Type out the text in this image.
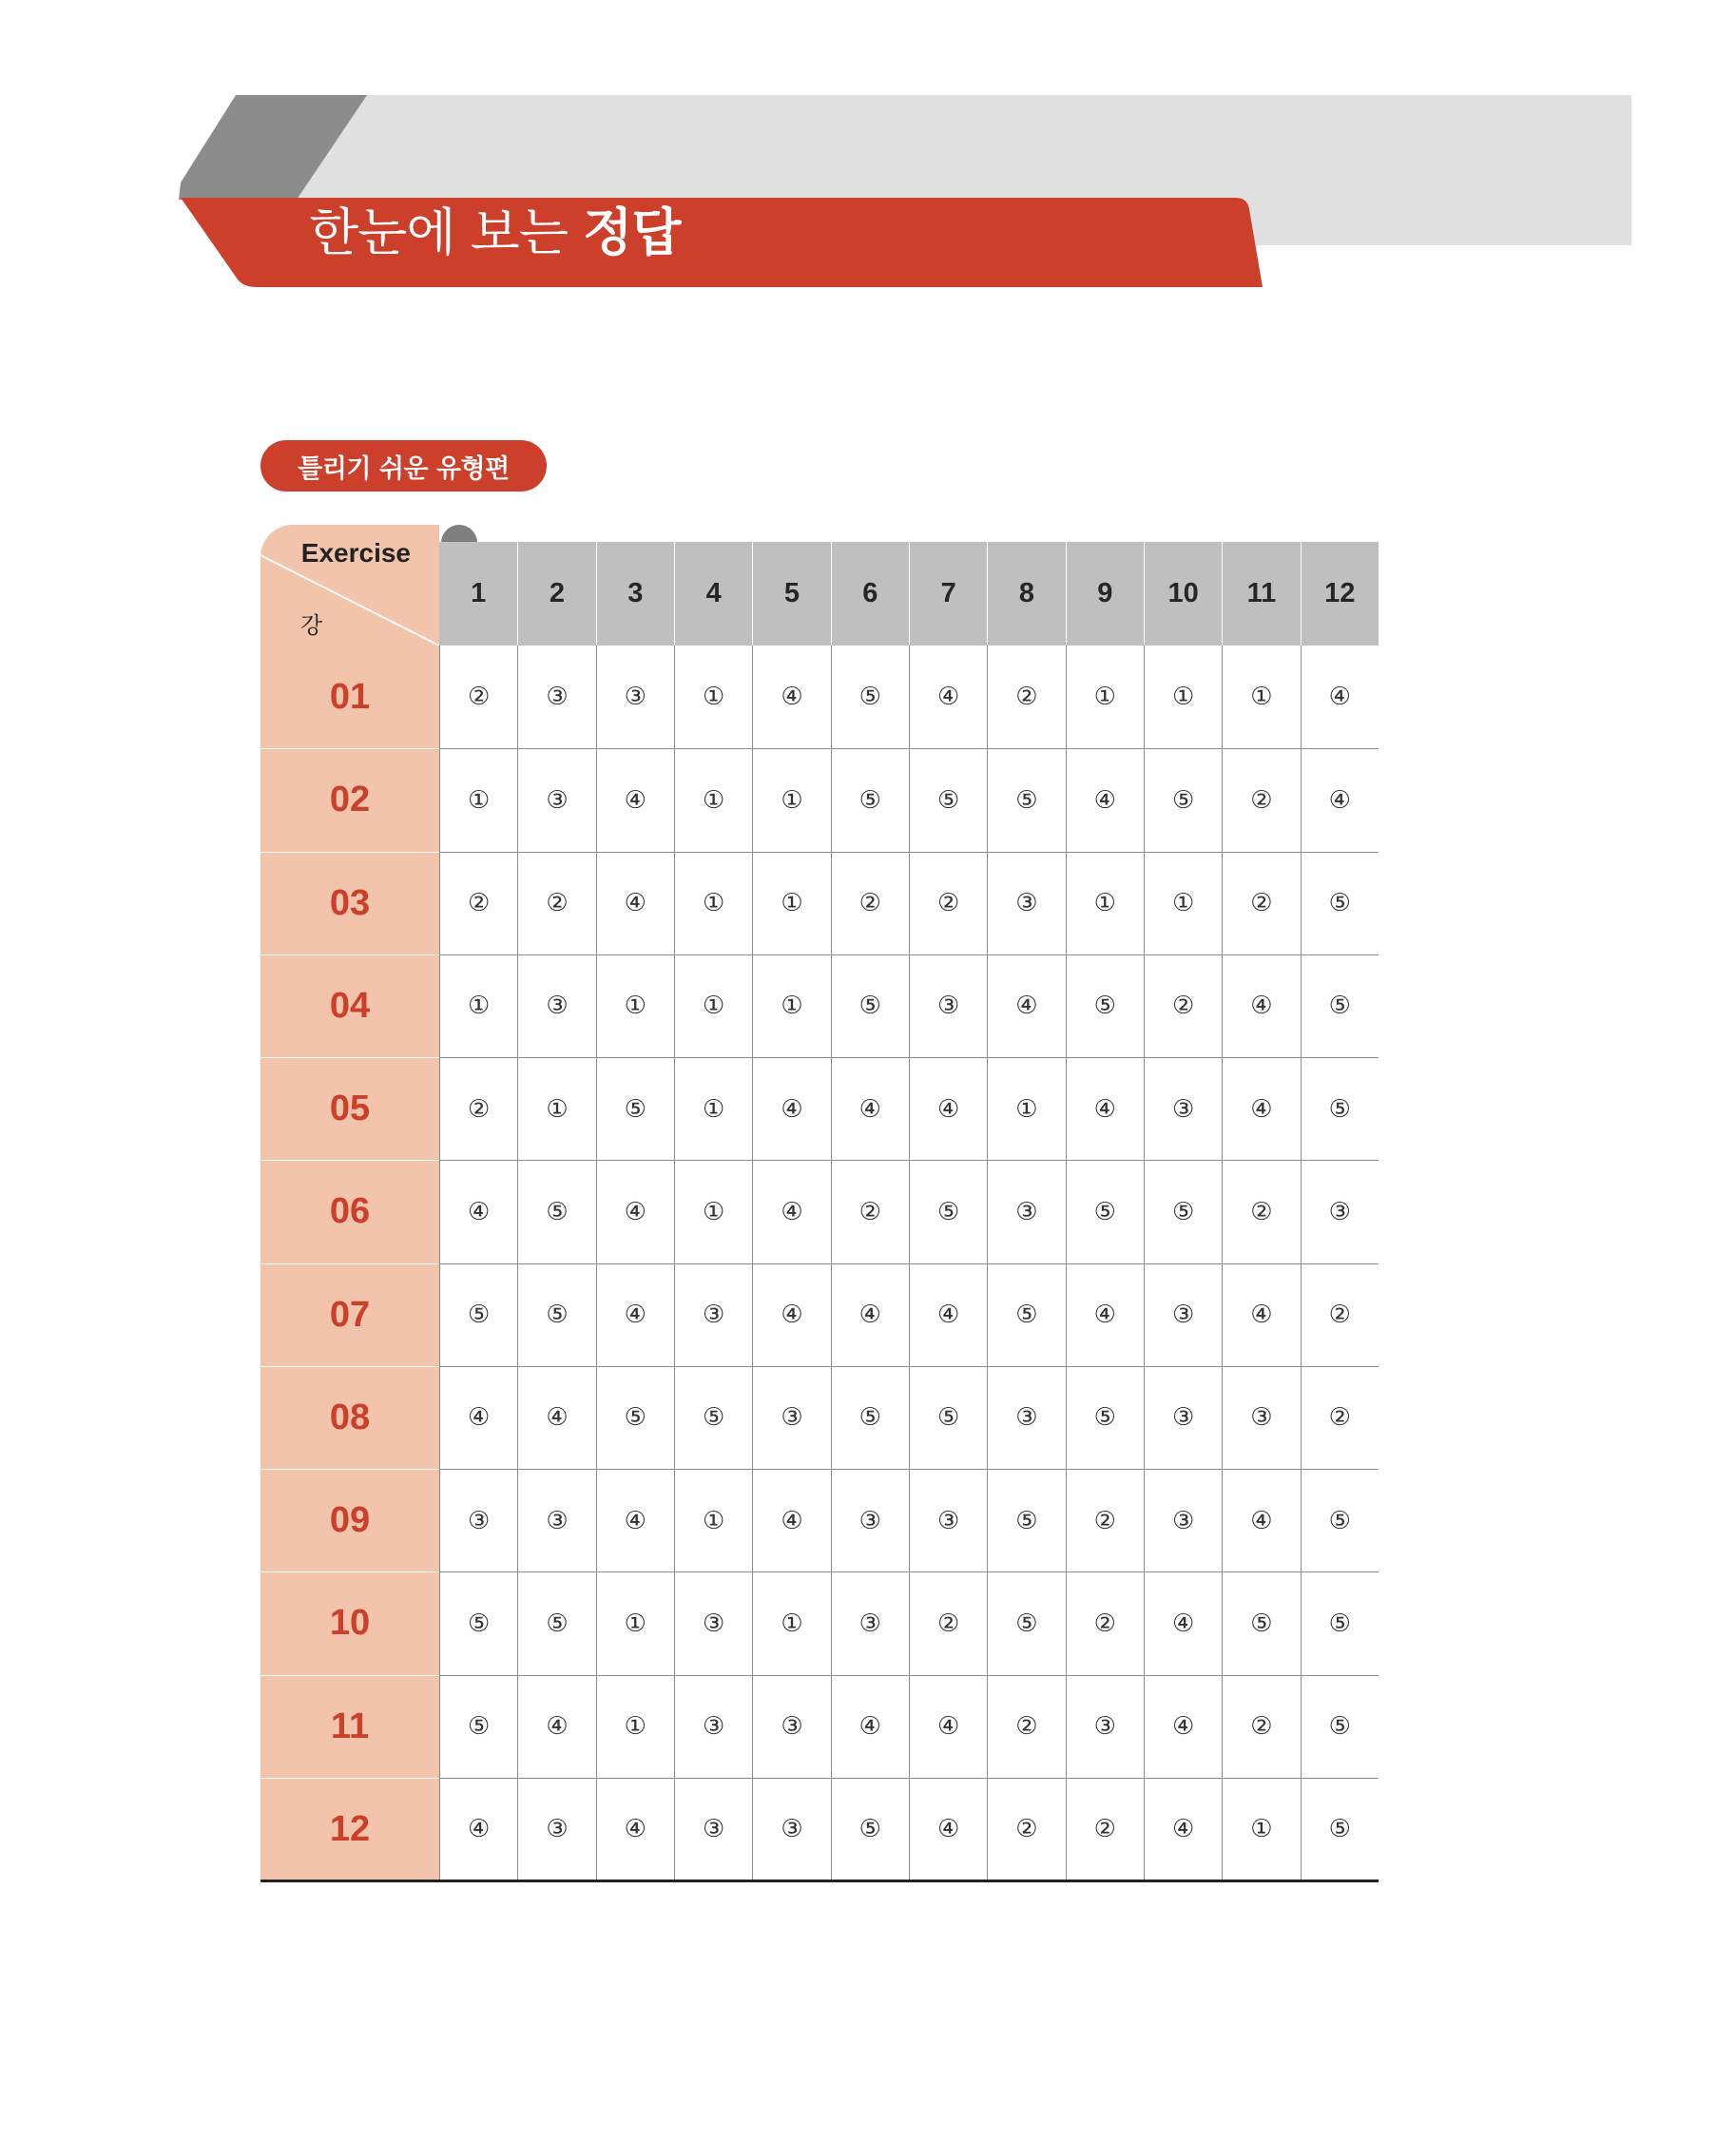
한눈에 보는 정답
틀리기 쉬운 유형편
Exercise
강
1	2	3	4	5	6	7	8	9	10	11	12
01	②	③	③	①	④	⑤	④	②	①	①	①	④
02	①	③	④	①	①	⑤	⑤	⑤	④	⑤	②	④
03	②	②	④	①	①	②	②	③	①	①	②	⑤
04	①	③	①	①	①	⑤	③	④	⑤	②	④	⑤
05	②	①	⑤	①	④	④	④	①	④	③	④	⑤
06	④	⑤	④	①	④	②	⑤	③	⑤	⑤	②	③
07	⑤	⑤	④	③	④	④	④	⑤	④	③	④	②
08	④	④	⑤	⑤	③	⑤	⑤	③	⑤	③	③	②
09	③	③	④	①	④	③	③	⑤	②	③	④	⑤
10	⑤	⑤	①	③	①	③	②	⑤	②	④	⑤	⑤
11	⑤	④	①	③	③	④	④	②	③	④	②	⑤
12	④	③	④	③	③	⑤	④	②	②	④	①	⑤
